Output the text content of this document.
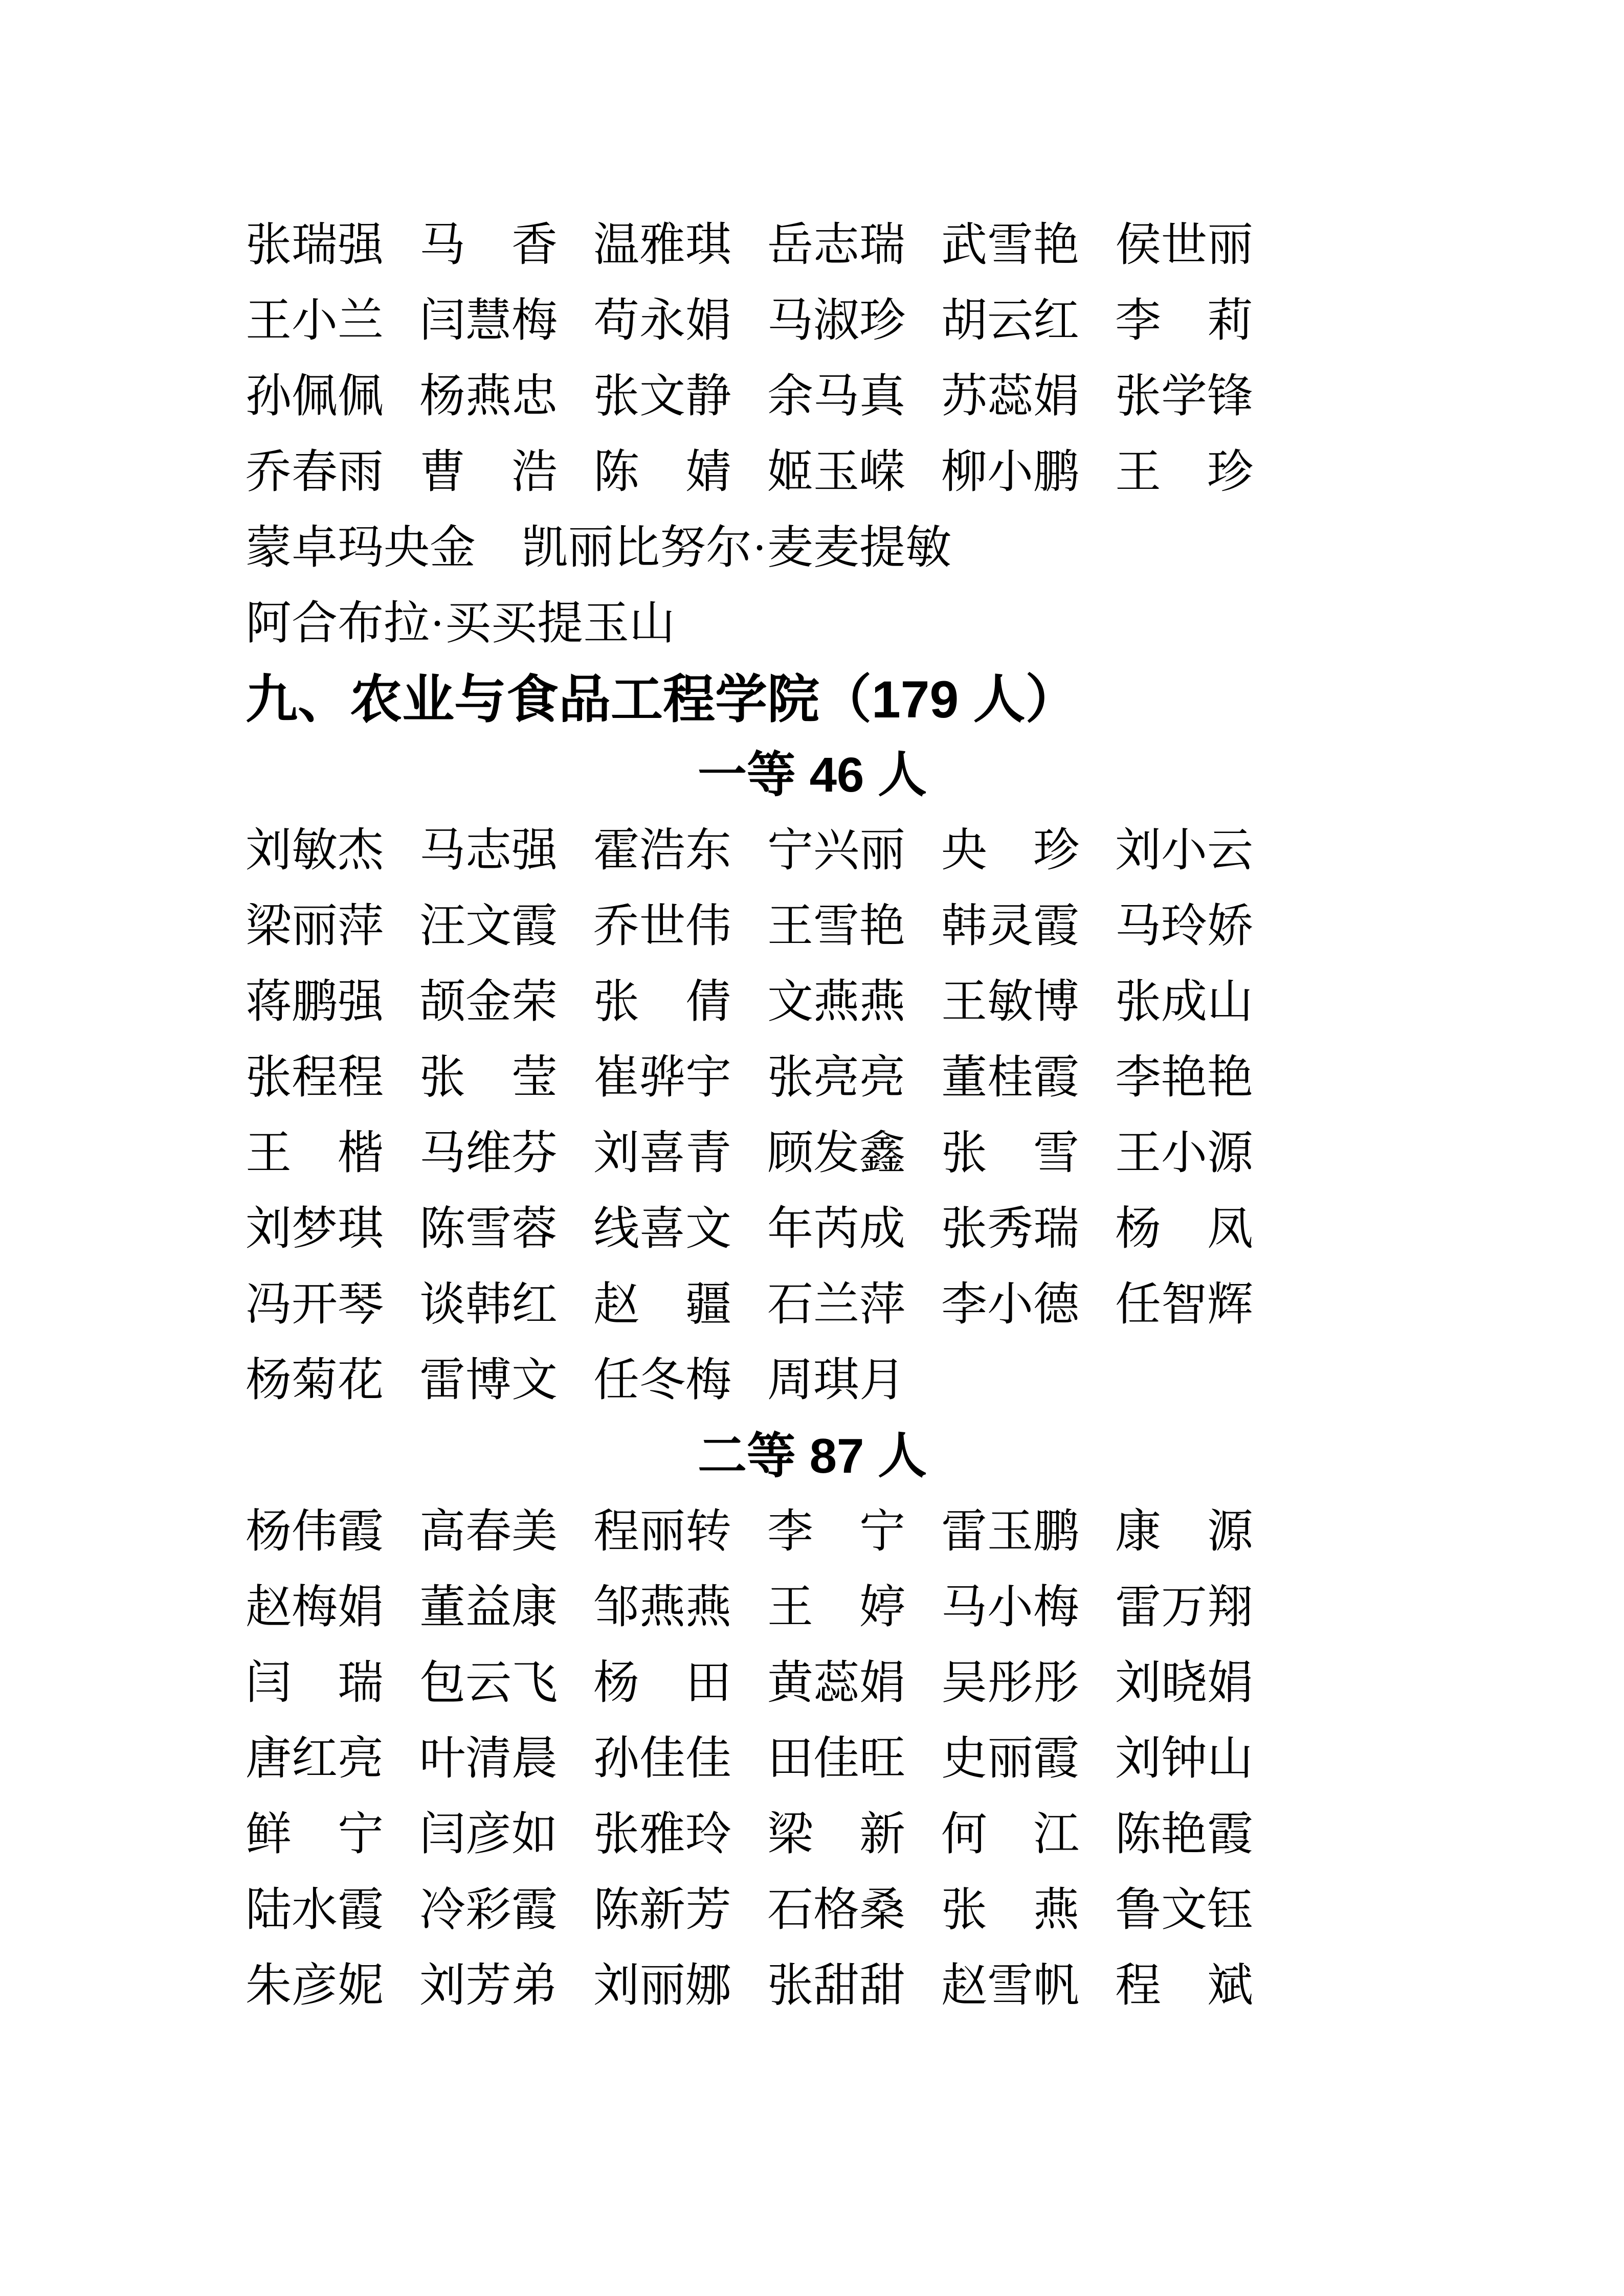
张瑞强 马香 温雅琪 岳志瑞 武雪艳 侯世丽
王小兰 闫慧梅 苟永娟 马淑珍 胡云红 李莉
孙佩佩 杨燕忠 张文静 余马真 苏蕊娟 张学锋
乔春雨 曹浩 陈婧 姬玉嵘 柳小鹏 王珍
蒙卓玛央金 凯丽比努尔·麦麦提敏
阿合布拉·买买提玉山
九、农业与食品工程学院（179 人）
一等 46 人
刘敏杰 马志强 霍浩东 宁兴丽 央珍 刘小云
梁丽萍 汪文霞 乔世伟 王雪艳 韩灵霞 马玲娇
蒋鹏强 颉金荣 张倩 文燕燕 王敏博 张成山
张程程 张莹 崔骅宇 张亮亮 董桂霞 李艳艳
王楷 马维芬 刘喜青 顾发鑫 张雪 王小源
刘梦琪 陈雪蓉 线喜文 年芮成 张秀瑞 杨凤
冯开琴 谈韩红 赵疆 石兰萍 李小德 任智辉
杨菊花 雷博文 任冬梅 周琪月
二等 87 人
杨伟霞 高春美 程丽转 李宁 雷玉鹏 康源
赵梅娟 董益康 邹燕燕 王婷 马小梅 雷万翔
闫瑞 包云飞 杨田 黄蕊娟 吴彤彤 刘晓娟
唐红亮 叶清晨 孙佳佳 田佳旺 史丽霞 刘钟山
鲜宁 闫彦如 张雅玲 梁新 何江 陈艳霞
陆水霞 冷彩霞 陈新芳 石格桑 张燕 鲁文钰
朱彦妮 刘芳弟 刘丽娜 张甜甜 赵雪帆 程斌
